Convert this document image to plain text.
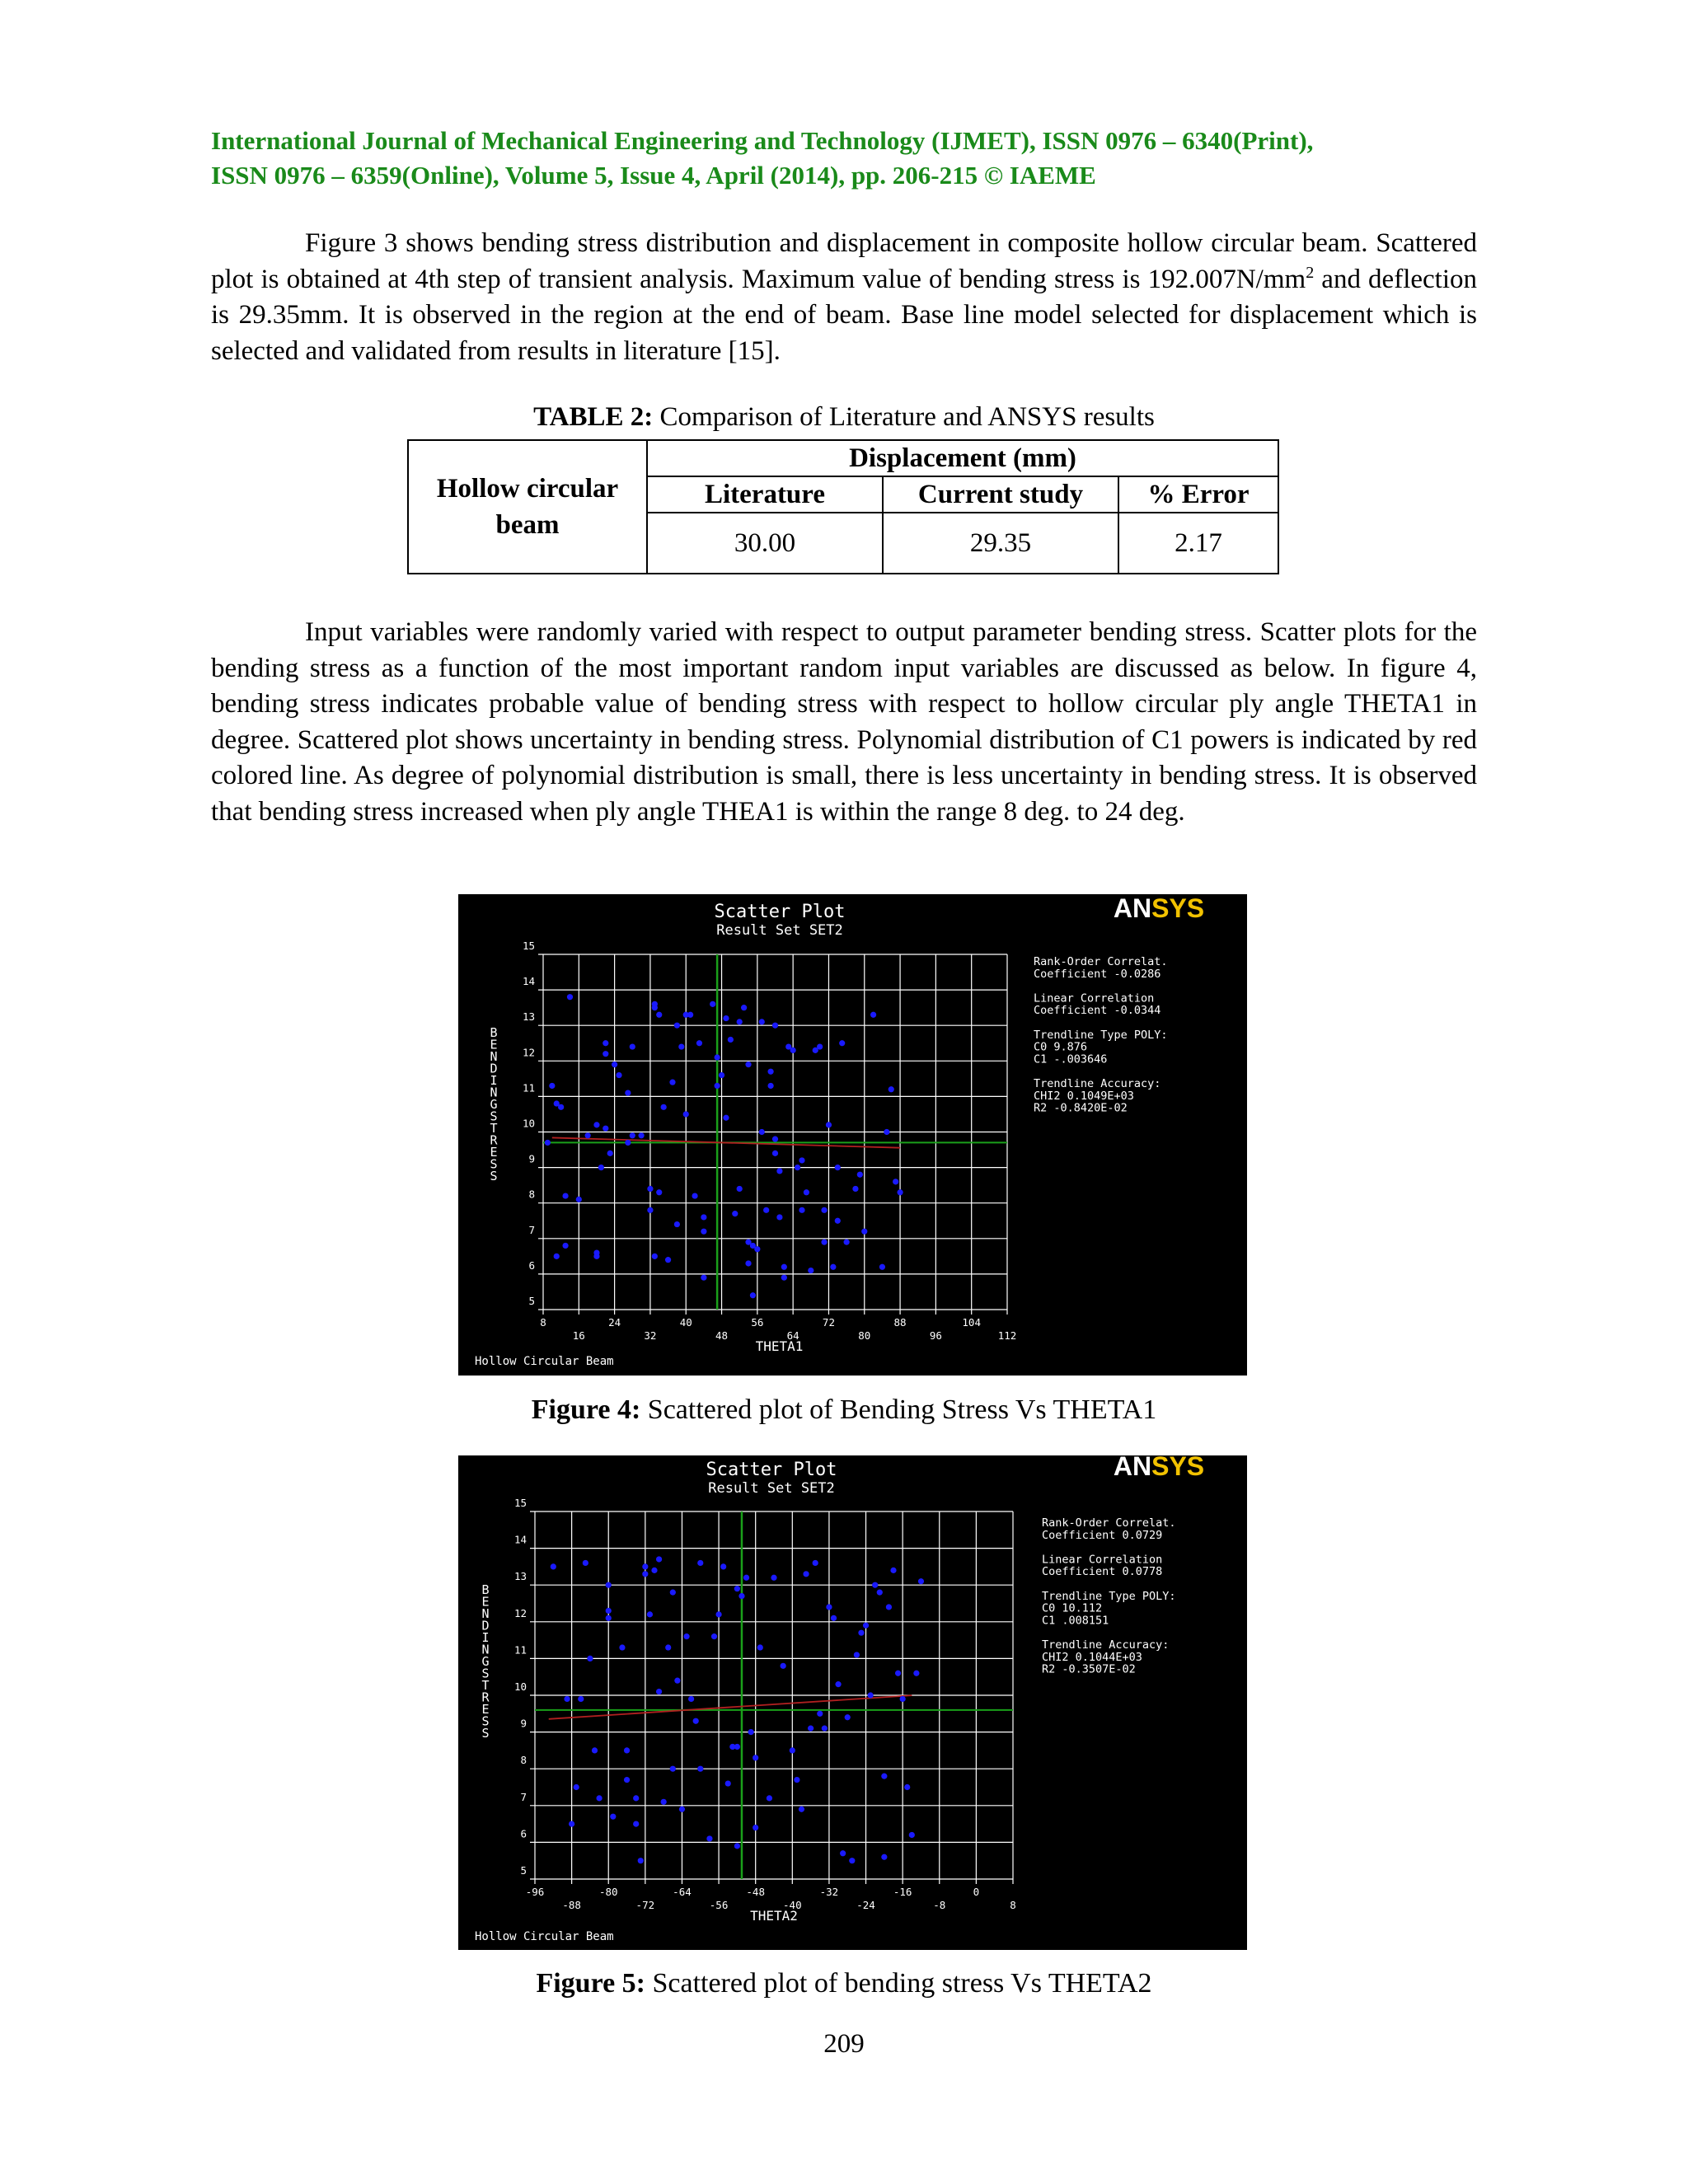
International Journal of Mechanical Engineering and Technology (IJMET), ISSN 0976 – 6340(Print),
ISSN 0976 – 6359(Online), Volume 5, Issue 4, April (2014), pp. 206-215 © IAEME
Figure 3 shows bending stress distribution and displacement in composite hollow circular beam. Scattered plot is obtained at 4th step of transient analysis. Maximum value of bending stress is $192.007N/mm^2$ and deflection is 29.35mm. It is observed in the region at the end of beam. Base line model selected for displacement which is selected and validated from results in literature [15].
TABLE 2: Comparison of Literature and ANSYS results
Hollow circular beam	Displacement (mm)		
	Literature	Current study	% Error
	30.00	29.35	2.17
Input variables were randomly varied with respect to output parameter bending stress. Scatter plots for the bending stress as a function of the most important random input variables are discussed as below. In figure 4, bending stress indicates probable value of bending stress with respect to hollow circular ply angle THETA1 in degree. Scattered plot shows uncertainty in bending stress. Polynomial distribution of C1 powers is indicated by red colored line. As degree of polynomial distribution is small, there is less uncertainty in bending stress. It is observed that bending stress increased when ply angle THEA1 is within the range 8 deg. to 24 deg.
Scatter Plot
Result Set SET2
ANSYS
8
16
24
32
40
48
56
64
72
80
88
96
104
112
5
6
7
8
9
10
11
12
13
14
15
THETA1
B E N D I N G S T R E S S
Rank-Order Correlat.
Coefficient -0.0286
Linear Correlation
Coefficient -0.0344
Trendline Type POLY:
C0 9.876
C1 -.003646
Trendline Accuracy:
CHI2 0.1049E+03
R2 -0.8420E-02
Hollow Circular Beam
Figure 4: Scattered plot of Bending Stress Vs THETA1
Scatter Plot
Result Set SET2
ANSYS
-96
-88
-80
-72
-64
-56
-48
-40
-32
-24
-16
-8
0
8
5
6
7
8
9
10
11
12
13
14
15
THETA2
B E N D I N G S T R E S S
Rank-Order Correlat.
Coefficient 0.0729
Linear Correlation
Coefficient 0.0778
Trendline Type POLY:
C0 10.112
C1 .008151
Trendline Accuracy:
CHI2 0.1044E+03
R2 -0.3507E-02
Hollow Circular Beam
Figure 5: Scattered plot of bending stress Vs THETA2
209
